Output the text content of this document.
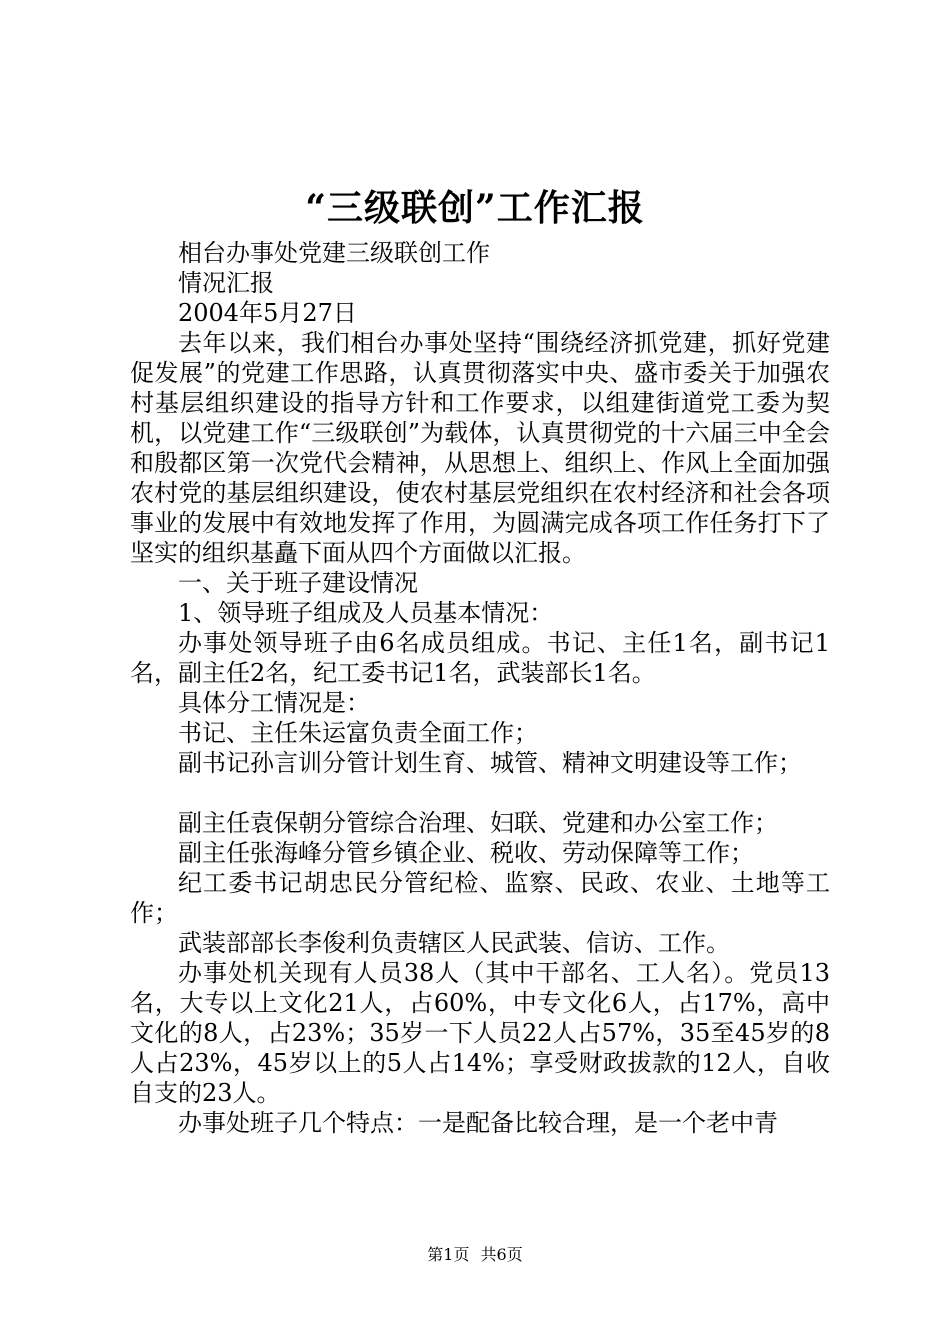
“三级联创”工作汇报

相台办事处党建三级联创工作

情况汇报

2004年5月27日

去年以来，我们相台办事处坚持“围绕经济抓党建，抓好党建促发展”的党建工作思路，认真贯彻落实中央、盛市委关于加强农村基层组织建设的指导方针和工作要求，以组建街道党工委为契机，以党建工作“三级联创”为载体，认真贯彻党的十六届三中全会和殷都区第一次党代会精神，从思想上、组织上、作风上全面加强农村党的基层组织建设，使农村基层党组织在农村经济和社会各项事业的发展中有效地发挥了作用，为圆满完成各项工作任务打下了坚实的组织基矗下面从四个方面做以汇报。

一、关于班子建设情况

1、领导班子组成及人员基本情况：

办事处领导班子由6名成员组成。书记、主任1名，副书记1名，副主任2名，纪工委书记1名，武装部长1名。

具体分工情况是：

书记、主任朱运富负责全面工作；

副书记孙言训分管计划生育、城管、精神文明建设等工作；

副主任袁保朝分管综合治理、妇联、党建和办公室工作；

副主任张海峰分管乡镇企业、税收、劳动保障等工作；

纪工委书记胡忠民分管纪检、监察、民政、农业、土地等工作；

武装部部长李俊利负责辖区人民武装、信访、工作。

办事处机关现有人员38人（其中干部名、工人名）。党员13名，大专以上文化21人，占60%，中专文化6人，占17%，高中文化的8人，占23%；35岁一下人员22人占57%，35至45岁的8人占23%，45岁以上的5人占14%；享受财政拔款的12人，自收自支的23人。

办事处班子几个特点：一是配备比较合理，是一个老中青

第1页 共6页
